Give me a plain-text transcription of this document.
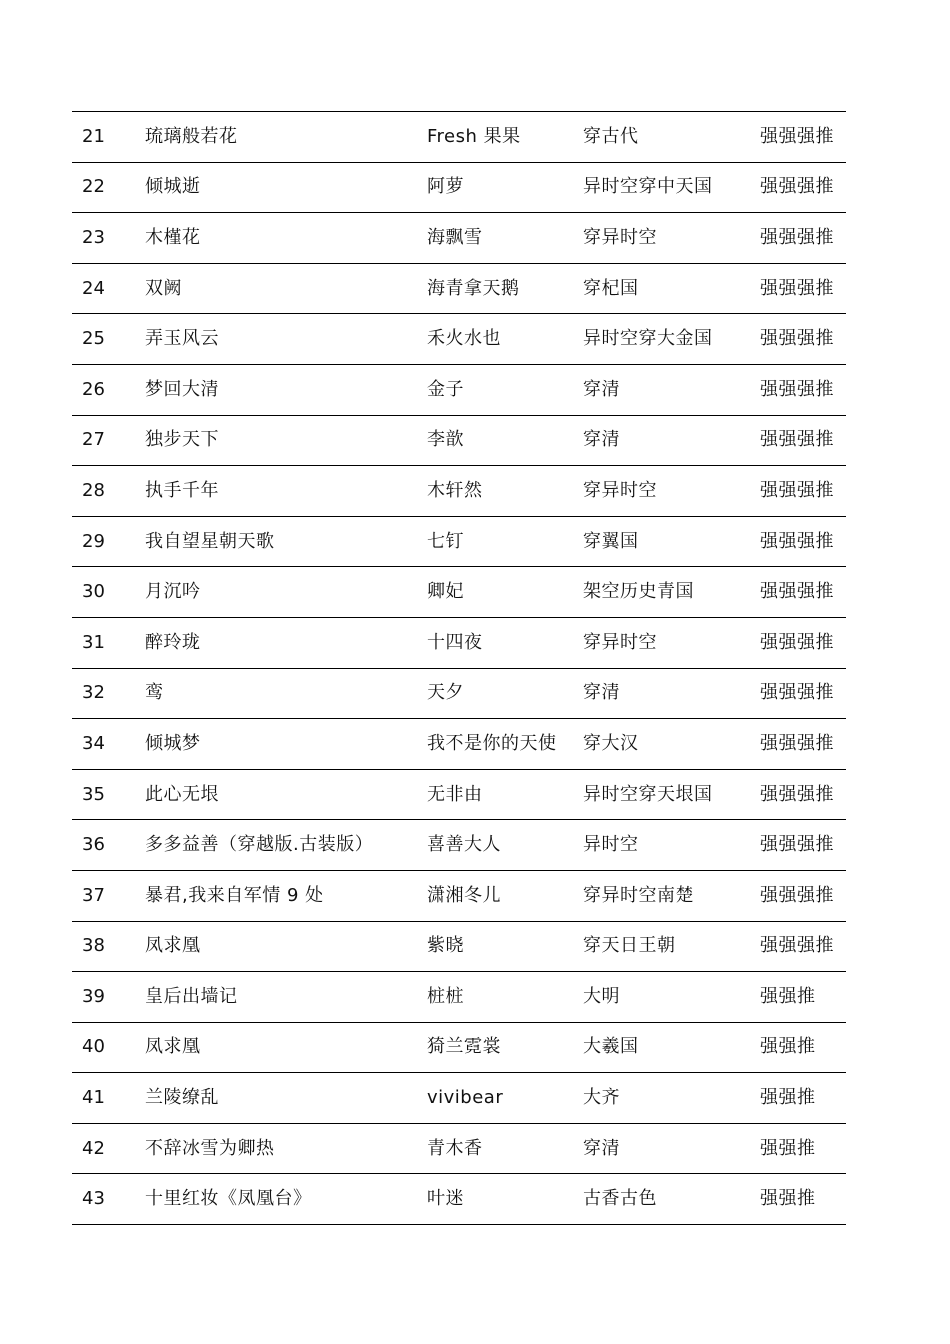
21	琉璃般若花	Fresh 果果	穿古代	强强强推
22	倾城逝	阿萝	异时空穿中天国	强强强推
23	木槿花	海飘雪	穿异时空	强强强推
24	双阙	海青拿天鹅	穿杞国	强强强推
25	弄玉风云	禾火水也	异时空穿大金国	强强强推
26	梦回大清	金子	穿清	强强强推
27	独步天下	李歆	穿清	强强强推
28	执手千年	木轩然	穿异时空	强强强推
29	我自望星朝天歌	七钉	穿翼国	强强强推
30	月沉吟	卿妃	架空历史青国	强强强推
31	醉玲珑	十四夜	穿异时空	强强强推
32	鸾	天夕	穿清	强强强推
34	倾城梦	我不是你的天使	穿大汉	强强强推
35	此心无垠	无非由	异时空穿天垠国	强强强推
36	多多益善（穿越版.古装版）	喜善大人	异时空	强强强推
37	暴君,我来自军情 9 处	潇湘冬儿	穿异时空南楚	强强强推
38	凤求凰	紫晓	穿天日王朝	强强强推
39	皇后出墙记	桩桩	大明	强强推
40	凤求凰	猗兰霓裳	大羲国	强强推
41	兰陵缭乱	vivibear	大齐	强强推
42	不辞冰雪为卿热	青木香	穿清	强强推
43	十里红妆《凤凰台》	叶迷	古香古色	强强推
